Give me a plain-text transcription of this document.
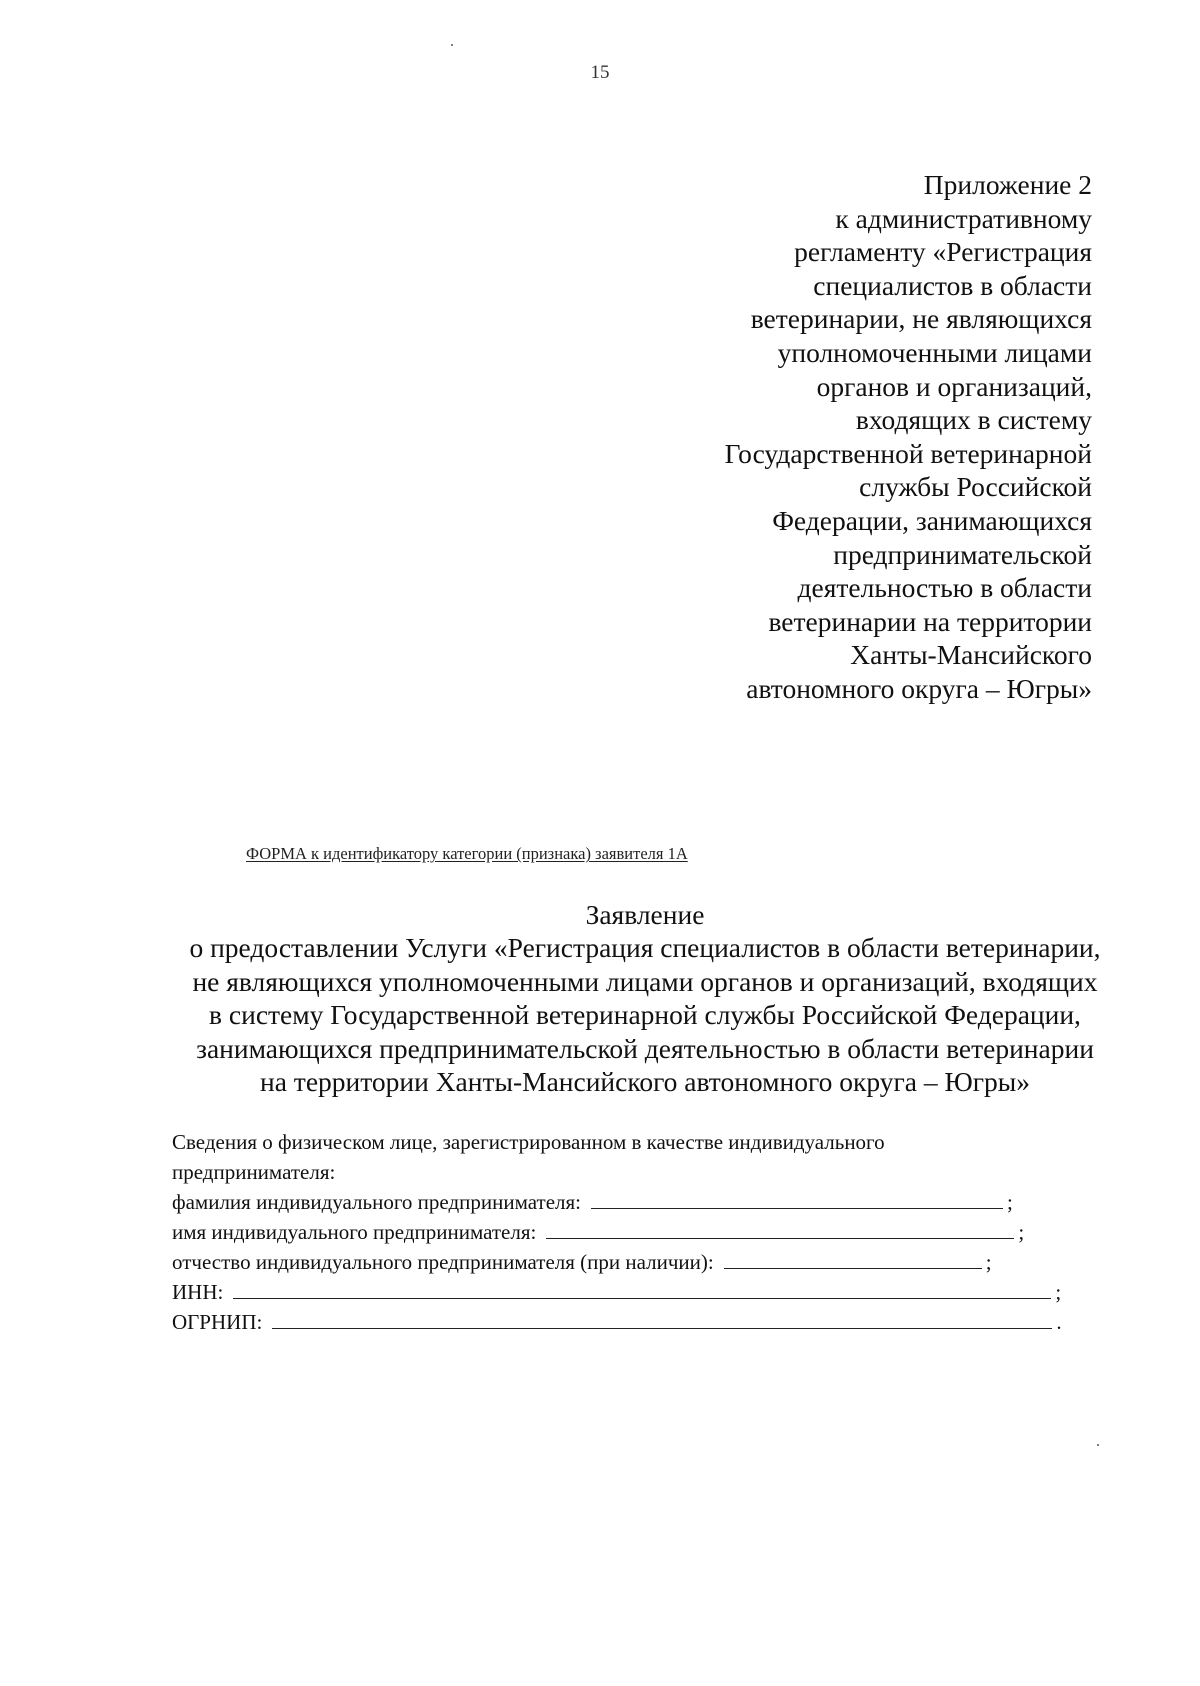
15
Приложение 2
к административному
регламенту «Регистрация
специалистов в области
ветеринарии, не являющихся
уполномоченными лицами
органов и организаций,
входящих в систему
Государственной ветеринарной
службы Российской
Федерации, занимающихся
предпринимательской
деятельностью в области
ветеринарии на территории
Ханты-Мансийского
автономного округа – Югры»
ФОРМА к идентификатору категории (признака) заявителя 1А
Заявление
о предоставлении Услуги «Регистрация специалистов в области ветеринарии,
не являющихся уполномоченными лицами органов и организаций, входящих
в систему Государственной ветеринарной службы Российской Федерации,
занимающихся предпринимательской деятельностью в области ветеринарии
на территории Ханты-Мансийского автономного округа – Югры»
Сведения о физическом лице, зарегистрированном в качестве индивидуального
предпринимателя:
фамилия индивидуального предпринимателя:	;
имя индивидуального предпринимателя:	;
отчество индивидуального предпринимателя (при наличии):	;
ИНН:	;
ОГРНИП:	.
